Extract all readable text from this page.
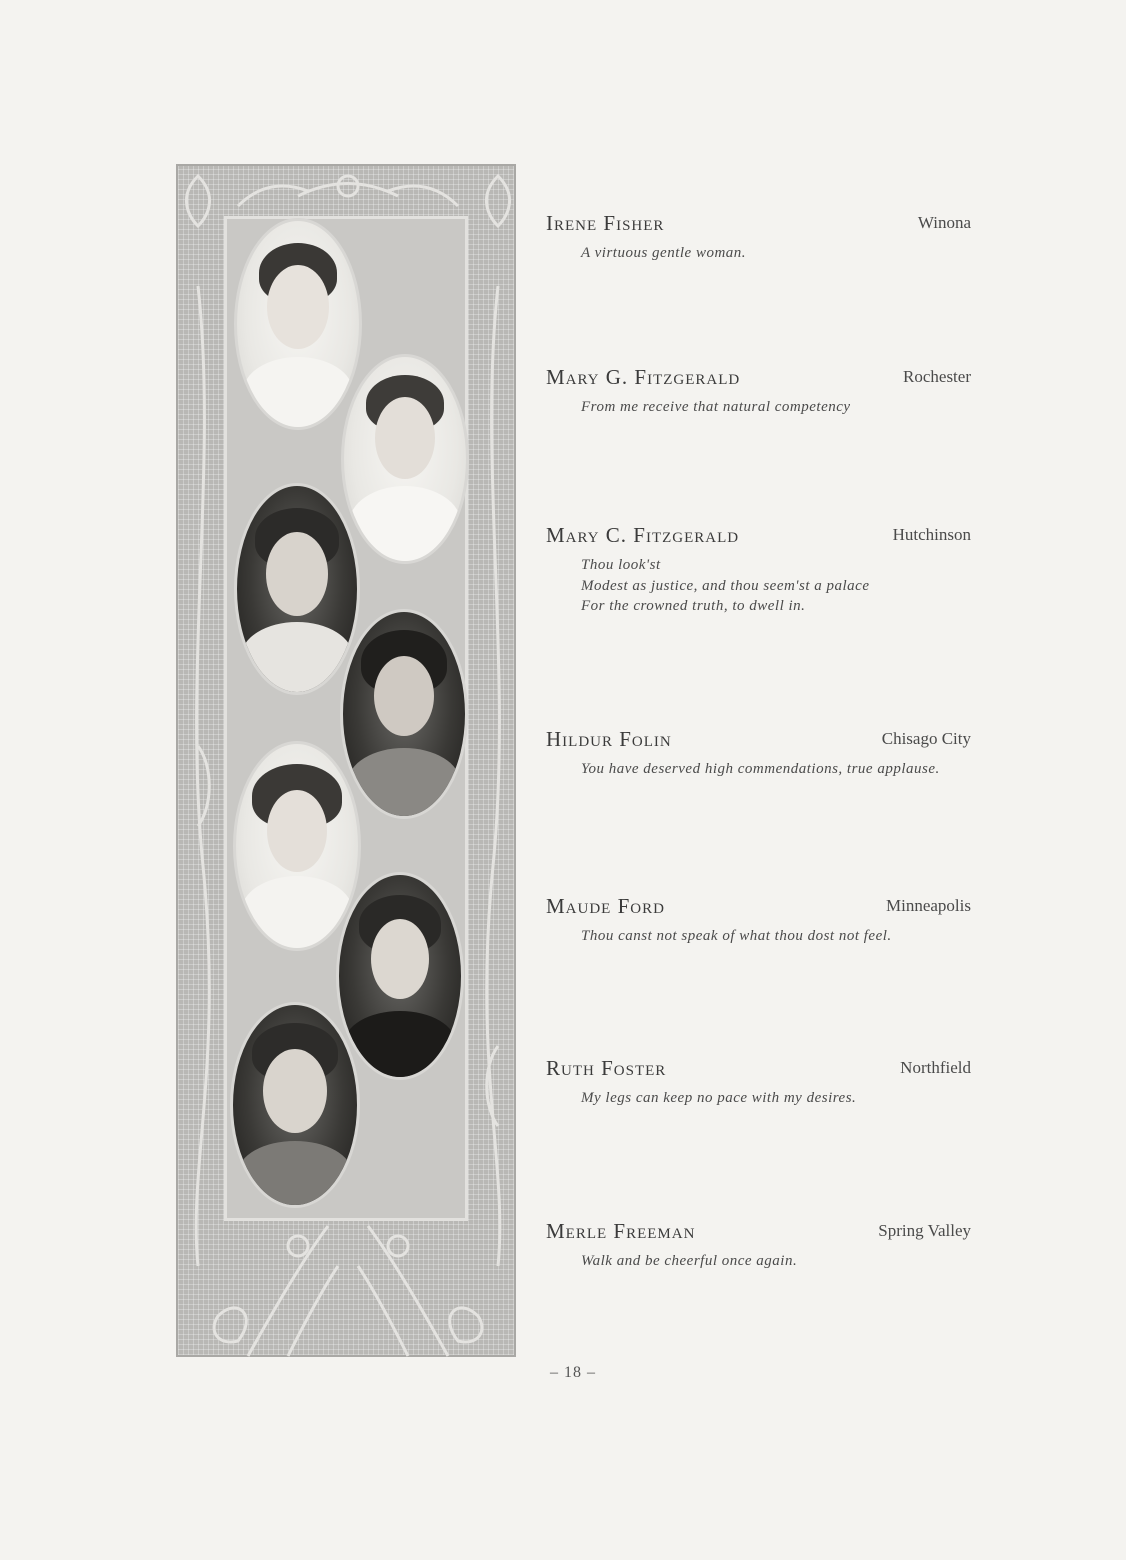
Irene Fisher	Winona
A virtuous gentle woman.
Mary G. Fitzgerald	Rochester
From me receive that natural competency
Mary C. Fitzgerald	Hutchinson
Thou look'st
Modest as justice, and thou seem'st a palace
For the crowned truth, to dwell in.
Hildur Folin	Chisago City
You have deserved high commendations, true applause.
Maude Ford	Minneapolis
Thou canst not speak of what thou dost not feel.
Ruth Foster	Northfield
My legs can keep no pace with my desires.
Merle Freeman	Spring Valley
Walk and be cheerful once again.
– 18 –
